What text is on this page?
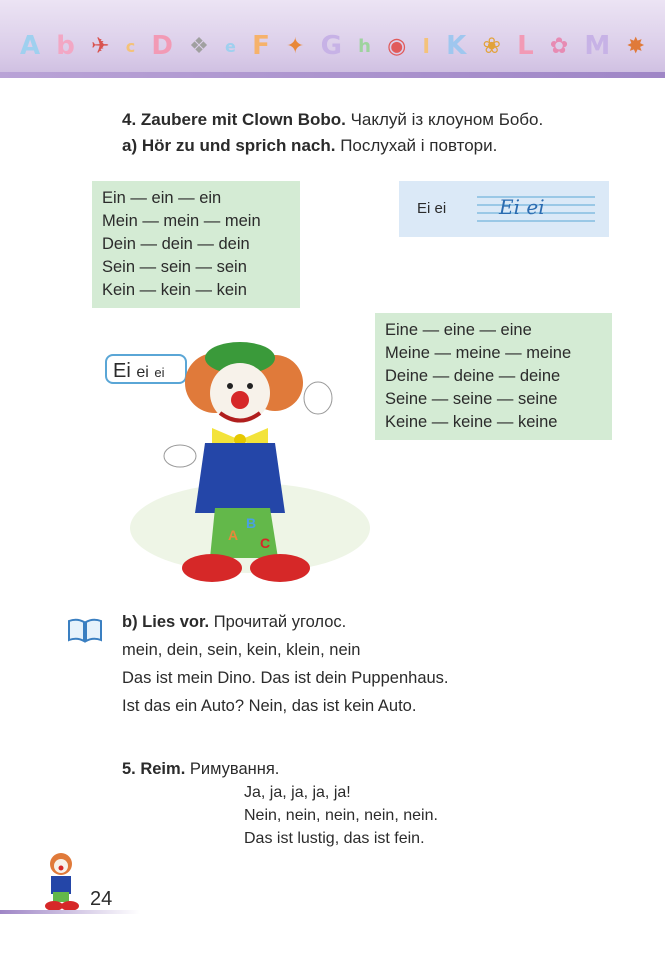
A b ✈ c D ❖ e F ✦ G h ◉ I K ❀ L ✿ M ✸
4. Zaubere mit Clown Bobo. Чаклуй із клоуном Бобо.
a) Hör zu und sprich nach. Послухай і повтори.
Ein — ein — ein
Mein — mein — mein
Dein — dein — dein
Sein — sein — sein
Kein — kein — kein
Ei ei	Ei ei
Eine — eine — eine
Meine — meine — meine
Deine — deine — deine
Seine — seine — seine
Keine — keine — keine
Ei ei ei
A
B
C
b) Lies vor. Прочитай уголос.
mein, dein, sein, kein, klein, nein
Das ist mein Dino. Das ist dein Puppenhaus.
Ist das ein Auto? Nein, das ist kein Auto.
5. Reim. Римування.
Ja, ja, ja, ja, ja!
Nein, nein, nein, nein, nein.
Das ist lustig, das ist fein.
24
